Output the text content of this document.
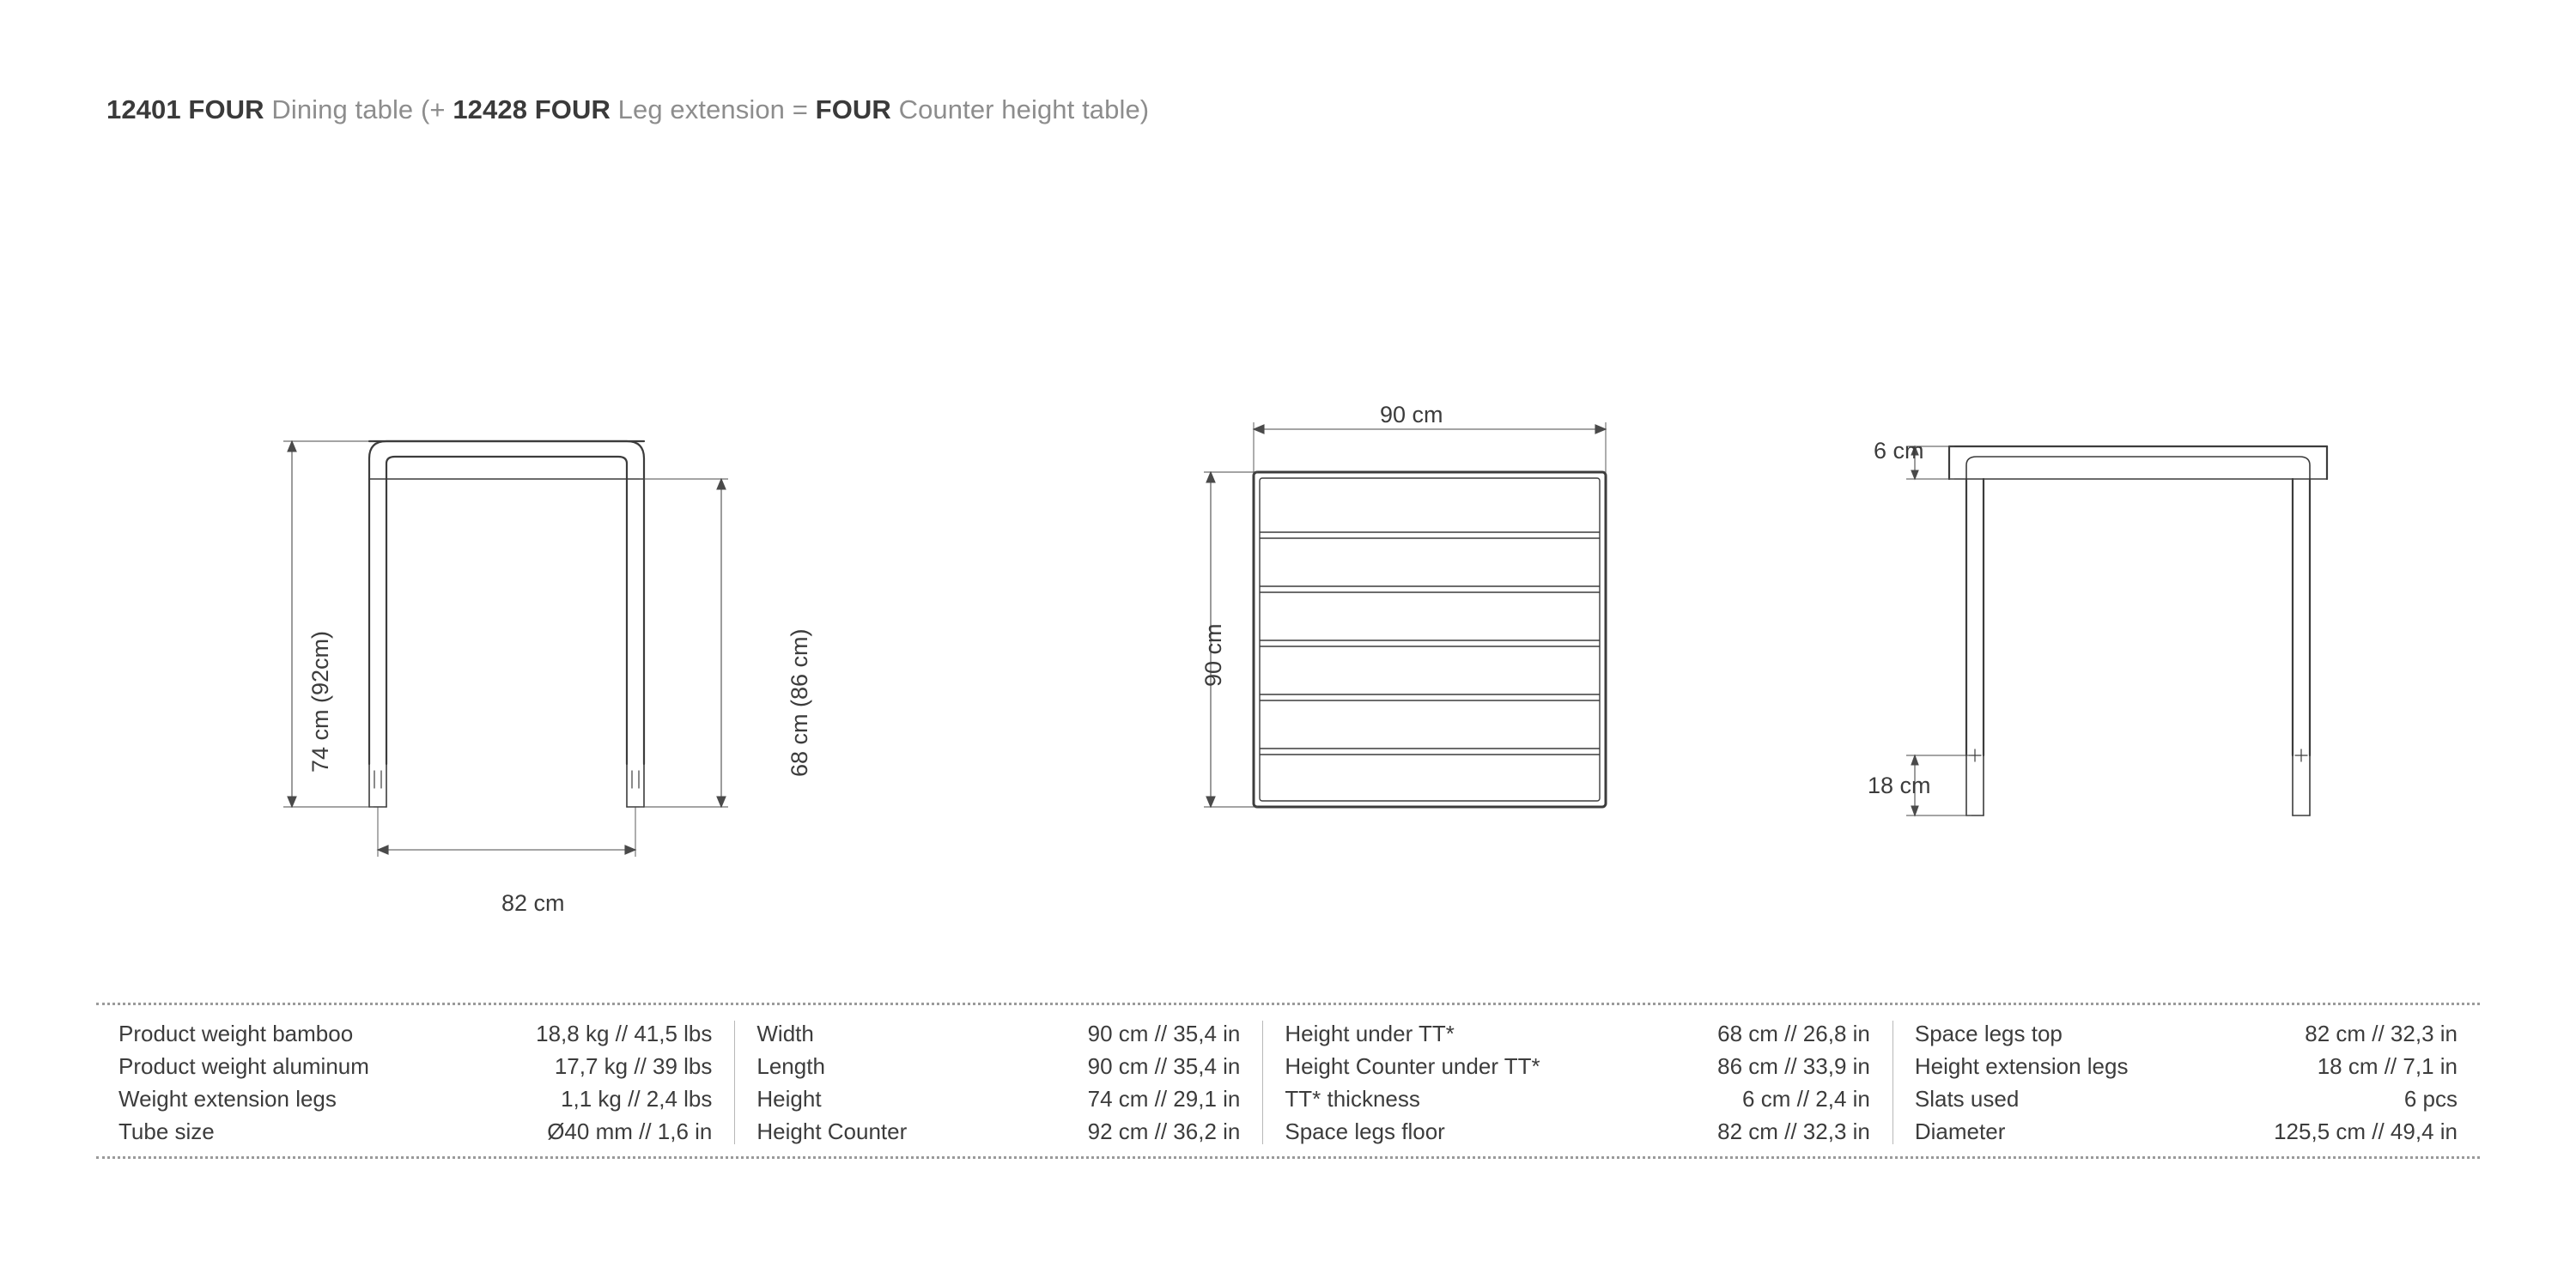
12401 FOUR Dining table (+ 12428 FOUR Leg extension = FOUR Counter height table)
74 cm (92cm)	68 cm (86 cm)
82 cm
90 cm
90 cm
6 cm
18 cm
Product weight bamboo	18,8 kg // 41,5 lbs
Product weight aluminum	17,7 kg // 39 lbs
Weight extension legs	1,1 kg // 2,4 lbs
Tube size	Ø40 mm // 1,6 in
Width	90 cm // 35,4 in
Length	90 cm // 35,4 in
Height	74 cm // 29,1 in
Height Counter	92 cm // 36,2 in
Height under TT*	68 cm // 26,8 in
Height Counter under TT*	86 cm // 33,9 in
TT* thickness	6 cm // 2,4 in
Space legs floor	82 cm // 32,3 in
Space legs top	82 cm // 32,3 in
Height extension legs	18 cm // 7,1 in
Slats used	6 pcs
Diameter	125,5 cm // 49,4 in
